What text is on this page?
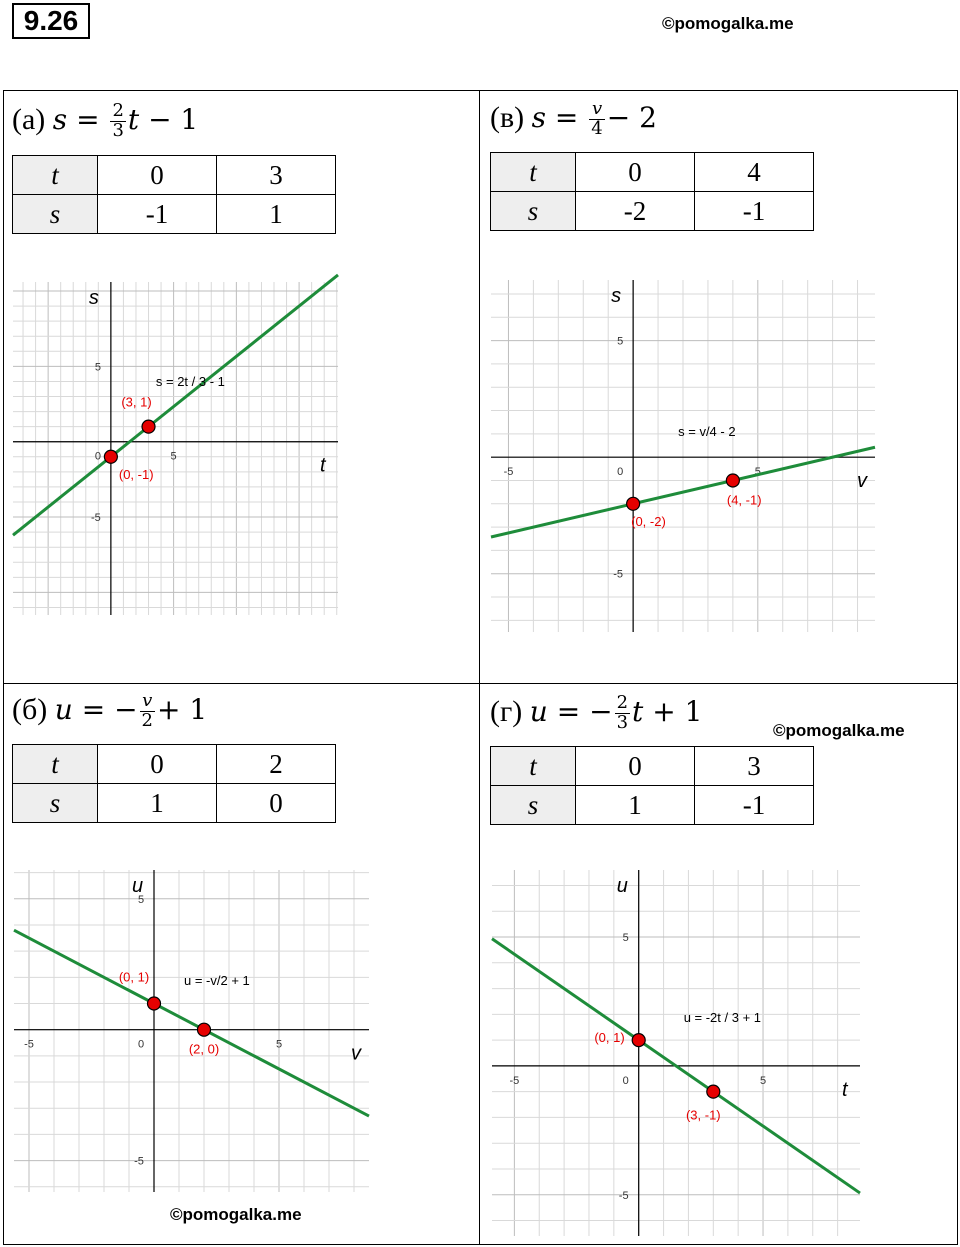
9.26	©pomogalka.me
(а) $s = \frac{2}{3}$ t − 1
t	0	3
s	-1	1
5
5
-5
0	t
s
s = 2t / 3 - 1
(0, -1)
(3, 1)
(в) $s = \frac{v}{4} - 2$
t	0	4
s	-2	-1
5
-5
5
-5
0	v
s
s = v/4 - 2
(0, -2)
(4, -1)
(б) u = − $\frac{v}{2} + 1$
t	0	2
s	1	0
5
-5
5
-5
0	v
u
u = -v/2 + 1
(0, 1)
(2, 0)
©pomogalka.me
(г) u = − $\frac{2}{3}$ t + 1
©pomogalka.me
t	0	3
s	1	-1
5
-5
5
-5
0	t
u
u = -2t / 3 + 1
(0, 1)
(3, -1)
